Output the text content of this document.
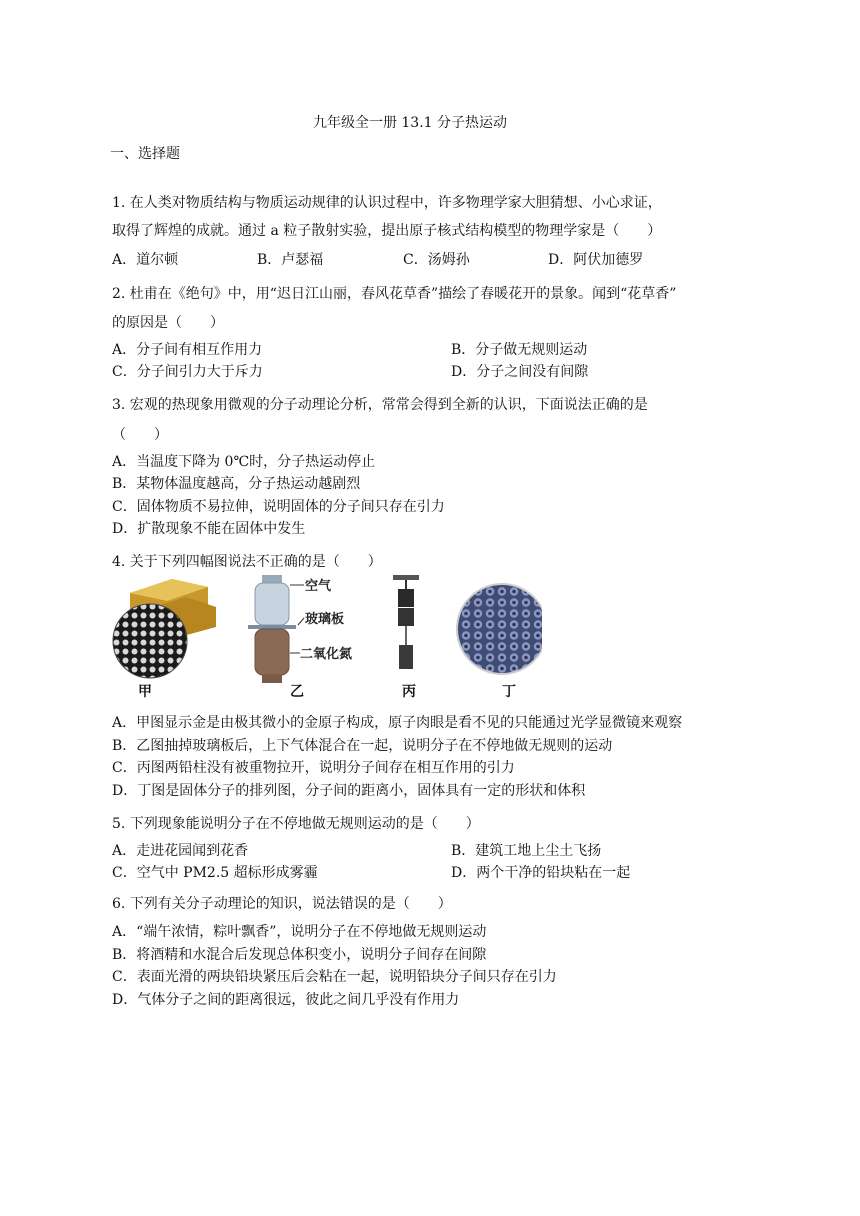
九年级全一册 13.1 分子热运动
一、选择题
1. 在人类对物质结构与物质运动规律的认识过程中，许多物理学家大胆猜想、小心求证，
取得了辉煌的成就。通过 a 粒子散射实验，提出原子核式结构模型的物理学家是（　　）
A．道尔顿	B．卢瑟福	C．汤姆孙	D．阿伏加德罗
2. 杜甫在《绝句》中，用“迟日江山丽，春风花草香”描绘了春暖花开的景象。闻到“花草香”
的原因是（　　）
A．分子间有相互作用力	B．分子做无规则运动
C．分子间引力大于斥力	D．分子之间没有间隙
3. 宏观的热现象用微观的分子动理论分析，常常会得到全新的认识，下面说法正确的是
（　　）
A．当温度下降为 0℃时，分子热运动停止
B．某物体温度越高，分子热运动越剧烈
C．固体物质不易拉伸，说明固体的分子间只存在引力
D．扩散现象不能在固体中发生
4. 关于下列四幅图说法不正确的是（　　）
空气
玻璃板
二氧化氮
甲	乙	丙	丁
A．甲图显示金是由极其微小的金原子构成，原子肉眼是看不见的只能通过光学显微镜来观察
B．乙图抽掉玻璃板后，上下气体混合在一起，说明分子在不停地做无规则的运动
C．丙图两铅柱没有被重物拉开，说明分子间存在相互作用的引力
D．丁图是固体分子的排列图，分子间的距离小，固体具有一定的形状和体积
5. 下列现象能说明分子在不停地做无规则运动的是（　　）
A．走进花园闻到花香	B．建筑工地上尘土飞扬
C．空气中 PM2.5 超标形成雾霾	D．两个干净的铅块粘在一起
6. 下列有关分子动理论的知识，说法错误的是（　　）
A．“端午浓情，粽叶飘香”，说明分子在不停地做无规则运动
B．将酒精和水混合后发现总体积变小，说明分子间存在间隙
C．表面光滑的两块铅块紧压后会粘在一起，说明铅块分子间只存在引力
D．气体分子之间的距离很远，彼此之间几乎没有作用力
